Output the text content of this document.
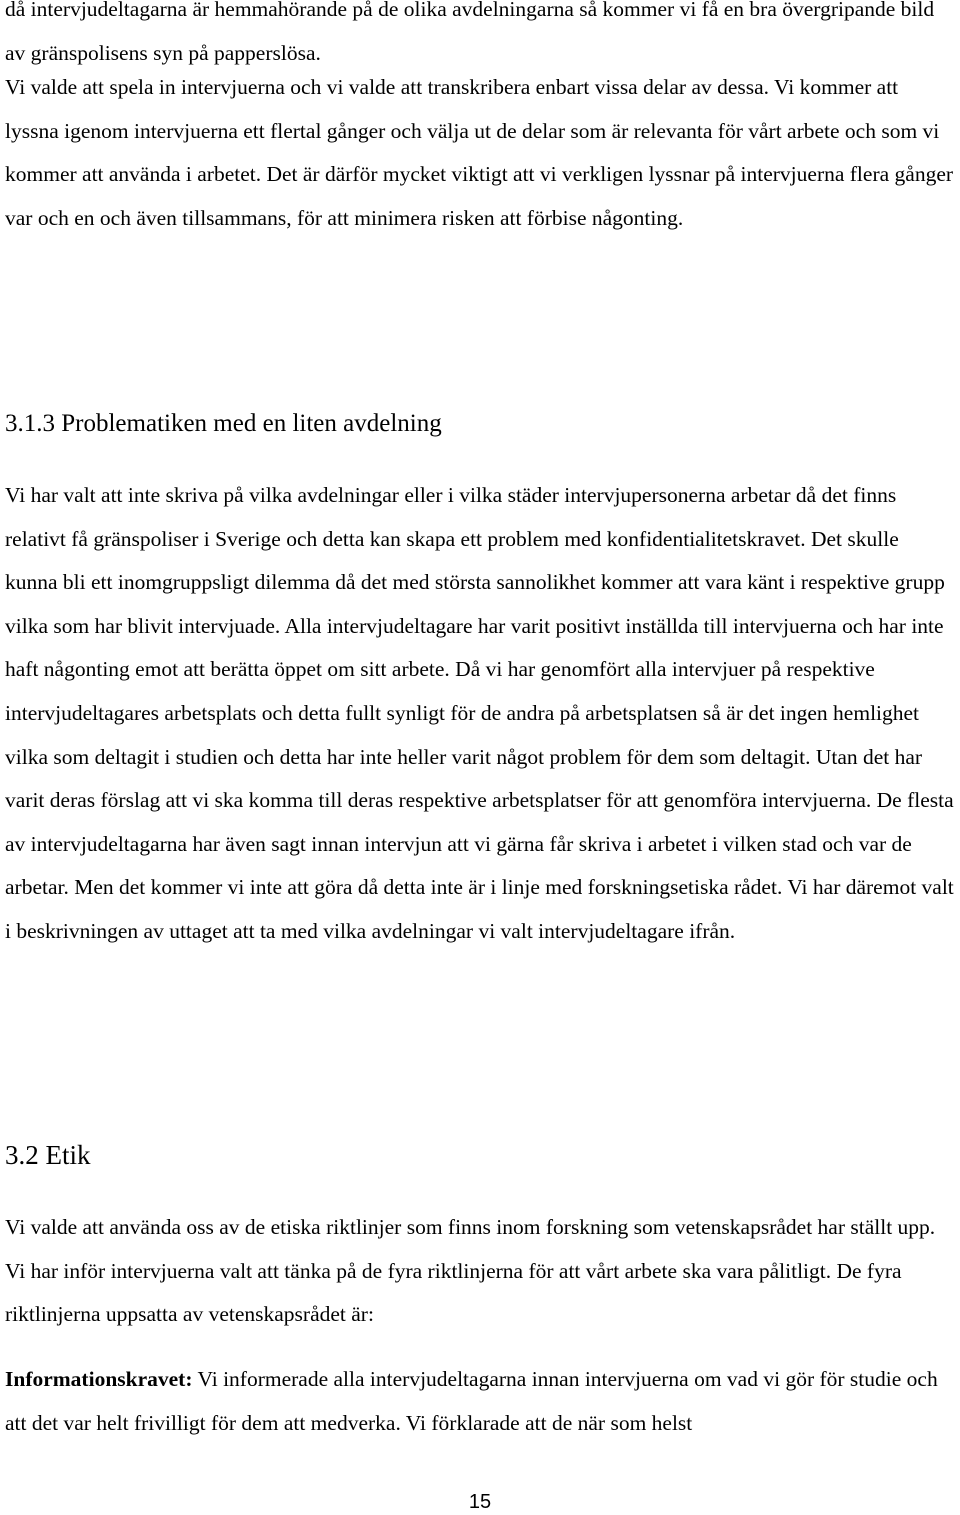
då intervjudeltagarna är hemmahörande på de olika avdelningarna så kommer vi få en bra övergripande bild av gränspolisens syn på papperslösa.

Vi valde att spela in intervjuerna och vi valde att transkribera enbart vissa delar av dessa. Vi kommer att lyssna igenom intervjuerna ett flertal gånger och välja ut de delar som är relevanta för vårt arbete och som vi kommer att använda i arbetet. Det är därför mycket viktigt att vi verkligen lyssnar på intervjuerna flera gånger var och en och även tillsammans, för att minimera risken att förbise någonting.

3.1.3 Problematiken med en liten avdelning

Vi har valt att inte skriva på vilka avdelningar eller i vilka städer intervjupersonerna arbetar då det finns relativt få gränspoliser i Sverige och detta kan skapa ett problem med konfidentialitetskravet. Det skulle kunna bli ett inomgruppsligt dilemma då det med största sannolikhet kommer att vara känt i respektive grupp vilka som har blivit intervjuade. Alla intervjudeltagare har varit positivt inställda till intervjuerna och har inte haft någonting emot att berätta öppet om sitt arbete. Då vi har genomfört alla intervjuer på respektive intervjudeltagares arbetsplats och detta fullt synligt för de andra på arbetsplatsen så är det ingen hemlighet vilka som deltagit i studien och detta har inte heller varit något problem för dem som deltagit. Utan det har varit deras förslag att vi ska komma till deras respektive arbetsplatser för att genomföra intervjuerna. De flesta av intervjudeltagarna har även sagt innan intervjun att vi gärna får skriva i arbetet i vilken stad och var de arbetar. Men det kommer vi inte att göra då detta inte är i linje med forskningsetiska rådet. Vi har däremot valt i beskrivningen av uttaget att ta med vilka avdelningar vi valt intervjudeltagare ifrån.

3.2 Etik

Vi valde att använda oss av de etiska riktlinjer som finns inom forskning som vetenskapsrådet har ställt upp. Vi har inför intervjuerna valt att tänka på de fyra riktlinjerna för att vårt arbete ska vara pålitligt. De fyra riktlinjerna uppsatta av vetenskapsrådet är:

Informationskravet: Vi informerade alla intervjudeltagarna innan intervjuerna om vad vi gör för studie och att det var helt frivilligt för dem att medverka. Vi förklarade att de när som helst

15
